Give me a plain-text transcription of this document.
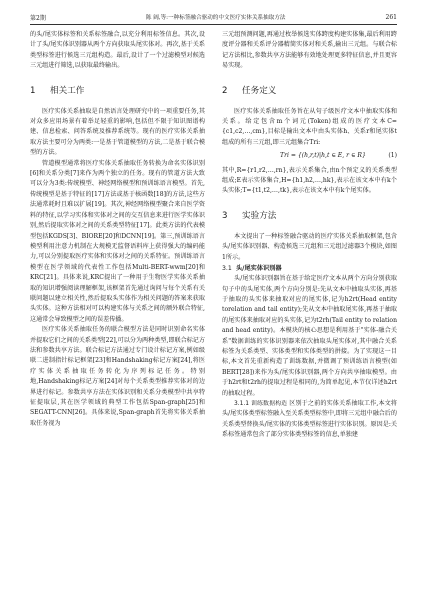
第2期	陈 阔,等:一种标签融合驱动的中文医疗实体关系抽取方法	261

的头/尾实体标签和关系标签融合,以充分利用标签信息。其次,设计了头/尾实体识别器从两个方向获取头尾实体对。再次,基于关系类型标签进行候选三元组构造。最后,设计了一个过滤模型对候选三元组进行筛选,以获取最终输出。

1 相关工作

医疗实体关系抽取是自然语言处理研究中的一项重要任务,其对众多应用场景有着举足轻重的影响,包括但不限于知识图谱构建、信息检索、问答系统及推荐系统等。现有的医疗实体关系抽取方法主要可分为两类:一是基于管道模型的方法,二是基于联合模型的方法。

管道模型通常将医疗实体关系抽取任务转换为命名实体识别[6]和关系分类[7]来作为两个独立的任务。现有的管道方法大致可以分为3类:传统模型、神经网络模型和预训练语言模型。首先,传统模型是基于特征的[17]方法或基于核函数[18]的方法,这些方法通常耗时且难以扩展[19]。其次,神经网络模型聚合来自医学资料的特征,以学习实体和实体对之间的交互信息来进行医学实体识别,然后提取实体对之间的关系类型特征[17]。此类方法的代表模型包括KGDS[3]、BIORE[20]和DCNN[19]。第三,预训练语言模型利用注意力机制在大规模无监督语料库上获得强大的编码能力,可以分别提取医疗实体和实体对之间的关系特征。预训练语言模型在医学领域的代表性工作包括Multi-BERT-wwm[20]和KRC[21]。具体来说,KRC提出了一种用于生物医学实体关系抽取的知识增强阅读理解框架,该框架首先通过询问与每个关系有关联问题以建立相关性,然后提取头实体作为相关问题的答案来获取头实体。这种方法相对可以构建实体与关系之间的额外联合特征,这通常会导致模型之间的误差传播。

医疗实体关系抽取任务的联合模型方法是同时识别命名实体并提取它们之间的关系类型[22],可以分为两种类型,即联合标记方法和参数共享方法。联合标记方法通过专门设计标记方案,例如级联二进制指针标记框架[23]和Handshaking标记方案[24],将医疗实体关系抽取任务转化为序列标记任务。特别地,Handshaking标记方案[24]对每个关系类型推荐实体对的边界进行标记。参数共享方法在实体识别和关系分类模型中共享特征提取层,其在医学领域的典型工作包括Span-graph[25]和SEGATT-CNN[26]。具体来说,Span-graph首先将实体关系抽取任务视为

三元组预测问题,再通过枚举候选实体跨度构建实体集,最后利用跨度评分器和关系评分器精简实体对和关系,输出三元组。与联合标记方法相比,参数共享方法能够有效地处理更多特征信息,并且更容易实现。

2 任务定义

医疗实体关系抽取任务旨在从句子级医疗文本中抽取实体和关系。给定包含m个词元(Token)组成的医疗文本C={c1,c2,…,cm},目标是输出文本中由头实体h、关系r和尾实体t组成的所有三元组,即三元组集合Tri:

Tri = {(h,r,t)|h,t ∈ E, r ∈ R}	(1)

其中,R={r1,r2,…,rn},表示关系集合,由n个预定义的关系类型组成;E表示实体集合,H={h1,h2,…,hk},表示在该文本中有k个头实体;T={t1,t2,…,tk},表示在该文本中有k个尾实体。

3 实验方法

本文提出了一种标签融合驱动的医疗实体关系抽取框架,包含头/尾实体识别器、构造候选三元组和三元组过滤器3个模块,如图1所示。

3.1 头/尾实体识别器

头/尾实体识别器旨在基于给定医疗文本从两个方向分别获取句子中的头尾实体,两个方向分别是:先从文本中抽取头实体,再基于抽取的头实体来抽取对应的尾实体,记为h2rt(Head entity torelation and tail entity);先从文本中抽取尾实体,再基于抽取的尾实体来抽取对应的头实体,记为t2rh(Tail entity to relation and head entity)。本模块的核心思想是利用基于"实体-融合关系"数据训练的实体识别器来依次抽取头尾实体对,其中融合关系标签为关系类型、实体类型和实体类型的拼接。为了实现这一目标,本文首先重新构造了训练数据,并微调了预训练语言模型(如BERT[28])来作为头/尾实体识别器,两个方向共享抽取模型。由于h2rt和t2rh的提取过程是相同的,为简单起见,本节仅详述h2rt的抽取过程。

3.1.1 训练数据构造 区别于之前的实体关系抽取工作,本文将头/尾实体类型标签融入至关系类型标签中,即将三元组中融合后的关系类型替换头/尾实体的实体类型标签进行实体识别。原因是:关系标签通常包含了部分实体类型标签的信息,单独建
